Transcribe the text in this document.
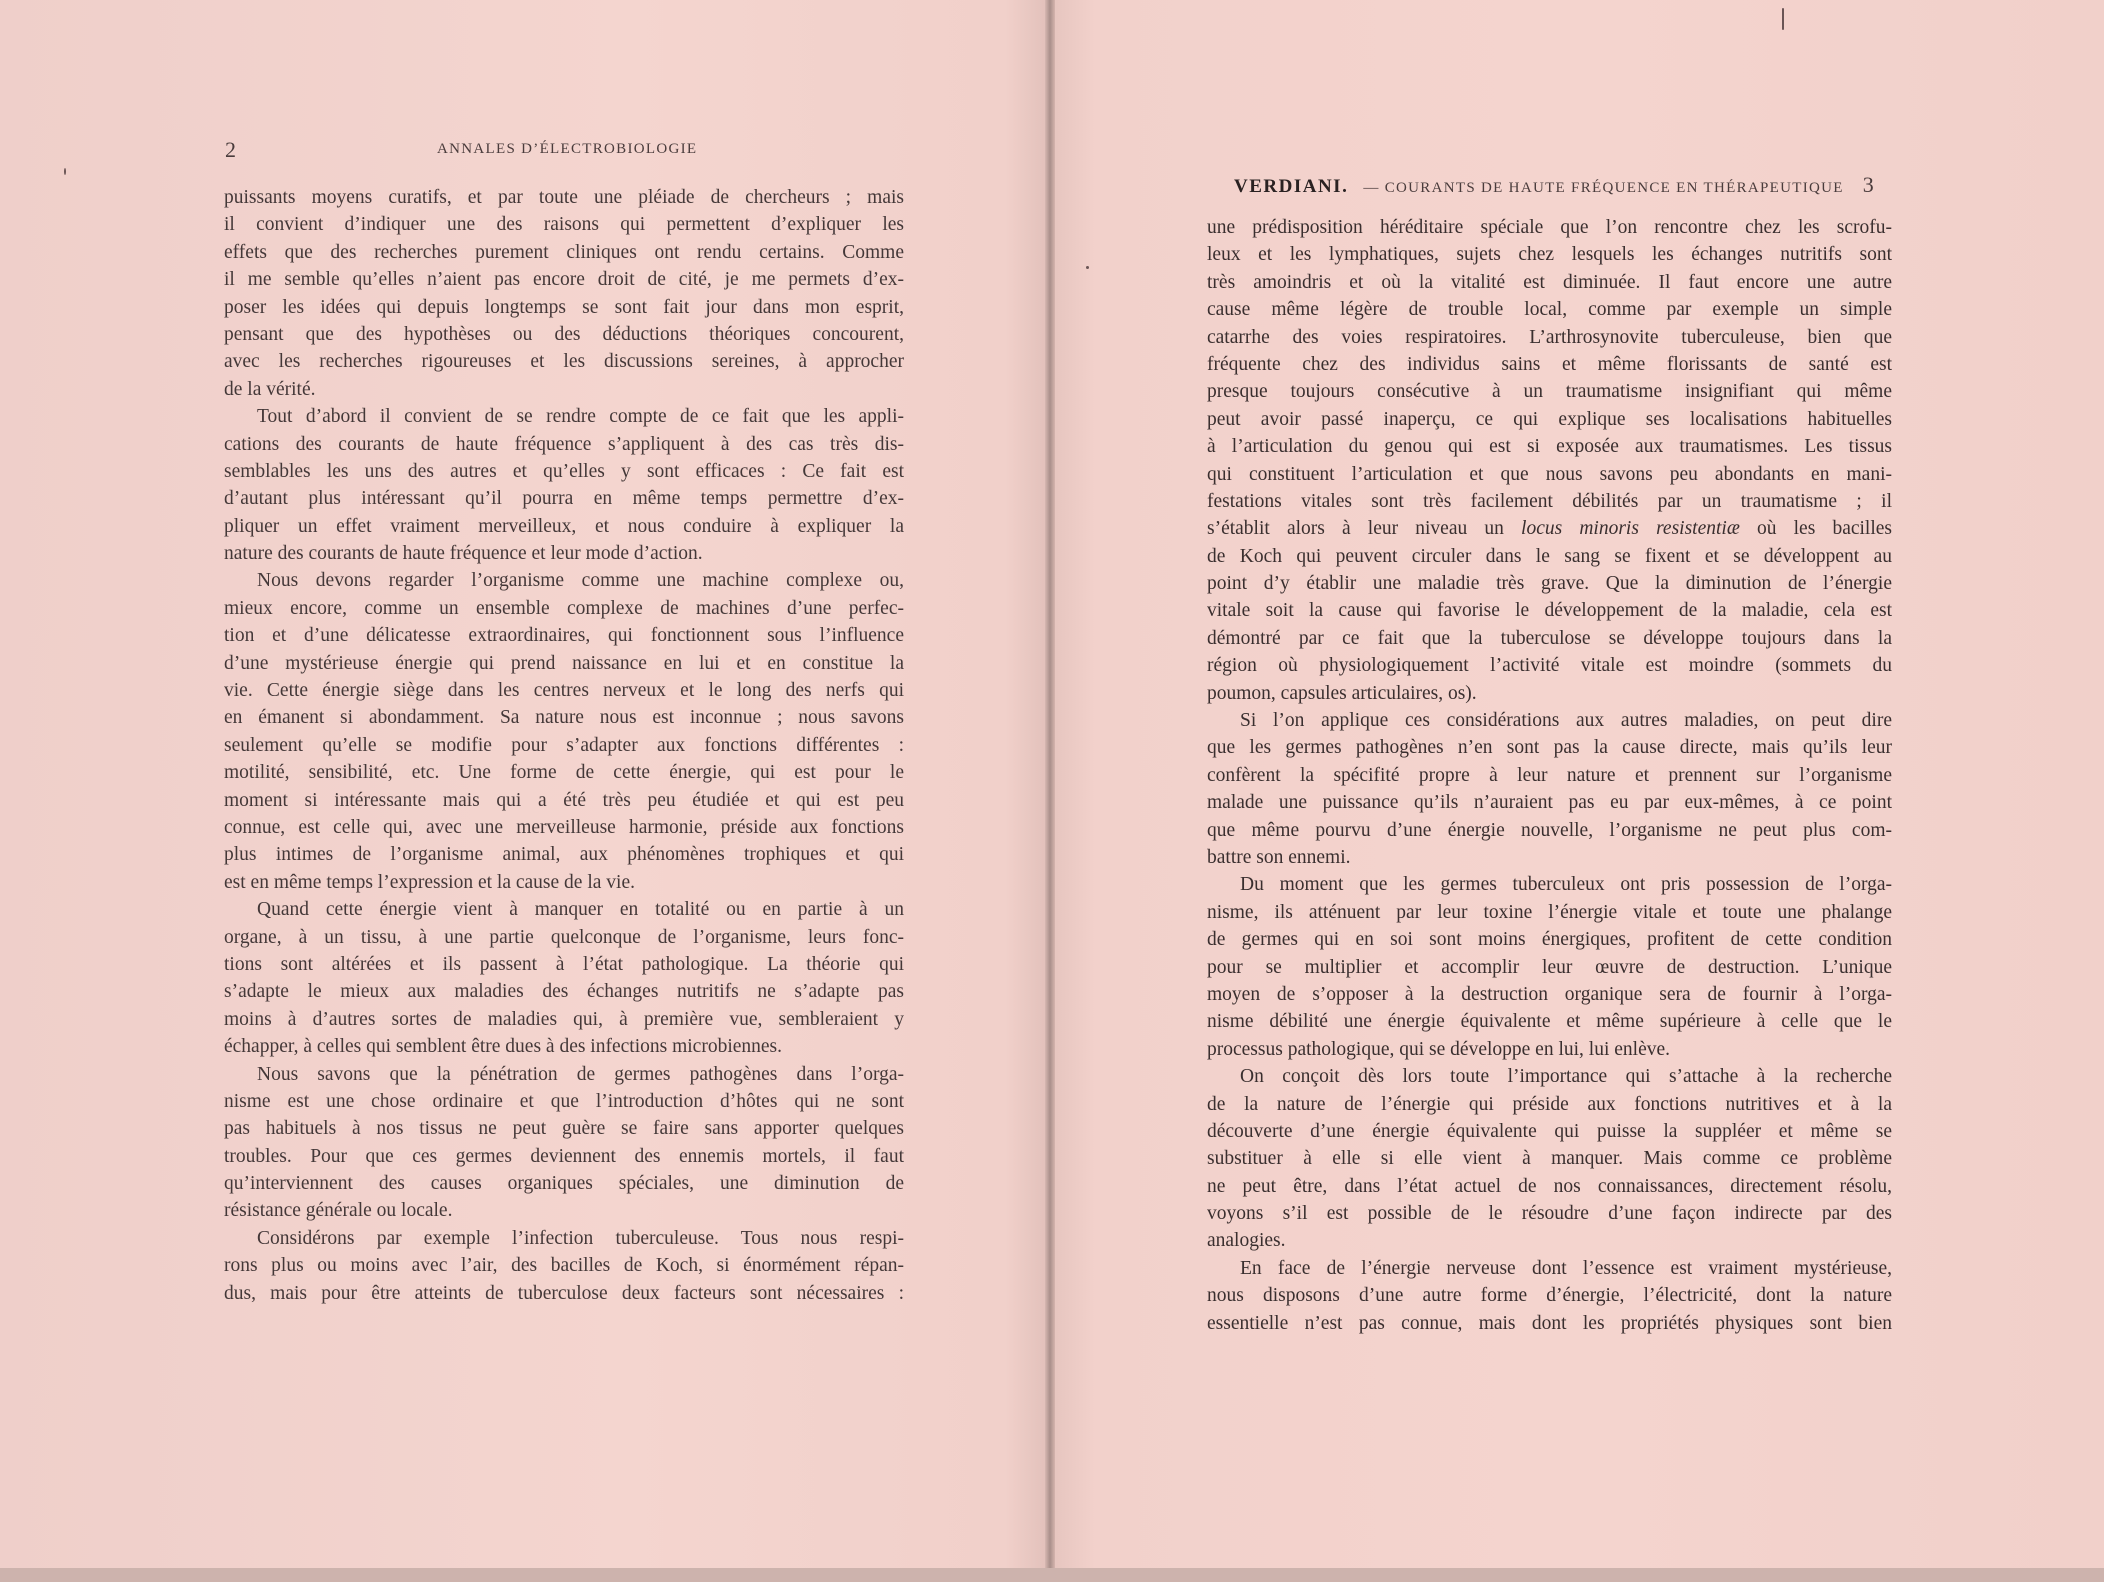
2	ANNALES D’ÉLECTROBIOLOGIE
VERDIANI. — COURANTS DE HAUTE FRÉQUENCE EN THÉRAPEUTIQUE 3
puissants moyens curatifs, et par toute une pléiade de chercheurs ; mais
il convient d’indiquer une des raisons qui permettent d’expliquer les
effets que des recherches purement cliniques ont rendu certains. Comme
il me semble qu’elles n’aient pas encore droit de cité, je me permets d’ex-
poser les idées qui depuis longtemps se sont fait jour dans mon esprit,
pensant que des hypothèses ou des déductions théoriques concourent,
avec les recherches rigoureuses et les discussions sereines, à approcher
de la vérité.
Tout d’abord il convient de se rendre compte de ce fait que les appli-
cations des courants de haute fréquence s’appliquent à des cas très dis-
semblables les uns des autres et qu’elles y sont efficaces : Ce fait est
d’autant plus intéressant qu’il pourra en même temps permettre d’ex-
pliquer un effet vraiment merveilleux, et nous conduire à expliquer la
nature des courants de haute fréquence et leur mode d’action.
Nous devons regarder l’organisme comme une machine complexe ou,
mieux encore, comme un ensemble complexe de machines d’une perfec-
tion et d’une délicatesse extraordinaires, qui fonctionnent sous l’influence
d’une mystérieuse énergie qui prend naissance en lui et en constitue la
vie. Cette énergie siège dans les centres nerveux et le long des nerfs qui
en émanent si abondamment. Sa nature nous est inconnue ; nous savons
seulement qu’elle se modifie pour s’adapter aux fonctions différentes :
motilité, sensibilité, etc. Une forme de cette énergie, qui est pour le
moment si intéressante mais qui a été très peu étudiée et qui est peu
connue, est celle qui, avec une merveilleuse harmonie, préside aux fonctions
plus intimes de l’organisme animal, aux phénomènes trophiques et qui
est en même temps l’expression et la cause de la vie.
Quand cette énergie vient à manquer en totalité ou en partie à un
organe, à un tissu, à une partie quelconque de l’organisme, leurs fonc-
tions sont altérées et ils passent à l’état pathologique. La théorie qui
s’adapte le mieux aux maladies des échanges nutritifs ne s’adapte pas
moins à d’autres sortes de maladies qui, à première vue, sembleraient y
échapper, à celles qui semblent être dues à des infections microbiennes.
Nous savons que la pénétration de germes pathogènes dans l’orga-
nisme est une chose ordinaire et que l’introduction d’hôtes qui ne sont
pas habituels à nos tissus ne peut guère se faire sans apporter quelques
troubles. Pour que ces germes deviennent des ennemis mortels, il faut
qu’interviennent des causes organiques spéciales, une diminution de
résistance générale ou locale.
Considérons par exemple l’infection tuberculeuse. Tous nous respi-
rons plus ou moins avec l’air, des bacilles de Koch, si énormément répan-
dus, mais pour être atteints de tuberculose deux facteurs sont nécessaires :
une prédisposition héréditaire spéciale que l’on rencontre chez les scrofu-
leux et les lymphatiques, sujets chez lesquels les échanges nutritifs sont
très amoindris et où la vitalité est diminuée. Il faut encore une autre
cause même légère de trouble local, comme par exemple un simple
catarrhe des voies respiratoires. L’arthrosynovite tuberculeuse, bien que
fréquente chez des individus sains et même florissants de santé est
presque toujours consécutive à un traumatisme insignifiant qui même
peut avoir passé inaperçu, ce qui explique ses localisations habituelles
à l’articulation du genou qui est si exposée aux traumatismes. Les tissus
qui constituent l’articulation et que nous savons peu abondants en mani-
festations vitales sont très facilement débilités par un traumatisme ; il
s’établit alors à leur niveau un locus minoris resistentiæ où les bacilles
de Koch qui peuvent circuler dans le sang se fixent et se développent au
point d’y établir une maladie très grave. Que la diminution de l’énergie
vitale soit la cause qui favorise le développement de la maladie, cela est
démontré par ce fait que la tuberculose se développe toujours dans la
région où physiologiquement l’activité vitale est moindre (sommets du
poumon, capsules articulaires, os).
Si l’on applique ces considérations aux autres maladies, on peut dire
que les germes pathogènes n’en sont pas la cause directe, mais qu’ils leur
confèrent la spécifité propre à leur nature et prennent sur l’organisme
malade une puissance qu’ils n’auraient pas eu par eux-mêmes, à ce point
que même pourvu d’une énergie nouvelle, l’organisme ne peut plus com-
battre son ennemi.
Du moment que les germes tuberculeux ont pris possession de l’orga-
nisme, ils atténuent par leur toxine l’énergie vitale et toute une phalange
de germes qui en soi sont moins énergiques, profitent de cette condition
pour se multiplier et accomplir leur œuvre de destruction. L’unique
moyen de s’opposer à la destruction organique sera de fournir à l’orga-
nisme débilité une énergie équivalente et même supérieure à celle que le
processus pathologique, qui se développe en lui, lui enlève.
On conçoit dès lors toute l’importance qui s’attache à la recherche
de la nature de l’énergie qui préside aux fonctions nutritives et à la
découverte d’une énergie équivalente qui puisse la suppléer et même se
substituer à elle si elle vient à manquer. Mais comme ce problème
ne peut être, dans l’état actuel de nos connaissances, directement résolu,
voyons s’il est possible de le résoudre d’une façon indirecte par des
analogies.
En face de l’énergie nerveuse dont l’essence est vraiment mystérieuse,
nous disposons d’une autre forme d’énergie, l’électricité, dont la nature
essentielle n’est pas connue, mais dont les propriétés physiques sont bien
